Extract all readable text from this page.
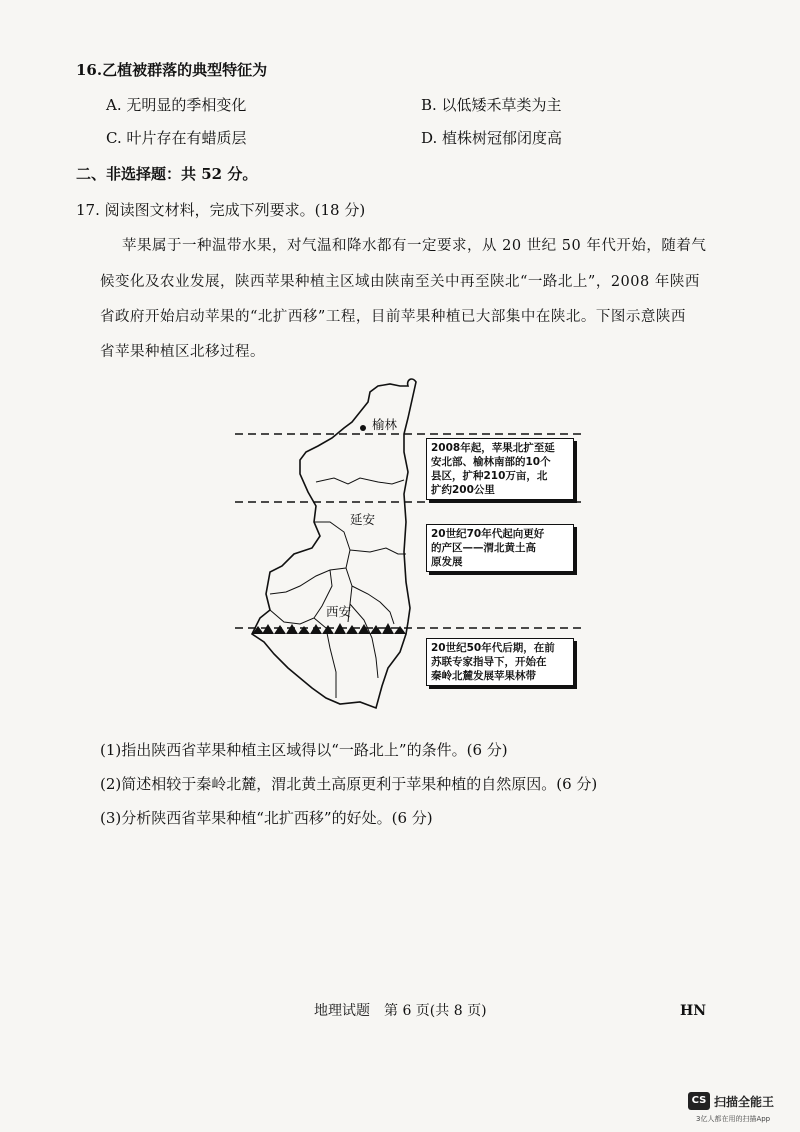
16.乙植被群落的典型特征为
A. 无明显的季相变化	B. 以低矮禾草类为主
C. 叶片存在有蜡质层	D. 植株树冠郁闭度高
二、非选择题：共 52 分。
17. 阅读图文材料，完成下列要求。(18 分)
苹果属于一种温带水果，对气温和降水都有一定要求，从 20 世纪 50 年代开始，随着气
候变化及农业发展，陕西苹果种植主区域由陕南至关中再至陕北“一路北上”，2008 年陕西
省政府开始启动苹果的“北扩西移”工程，目前苹果种植已大部集中在陕北。下图示意陕西
省苹果种植区北移过程。
榆林
延安
西安
2008年起，苹果北扩至延
安北部、榆林南部的10个
县区，扩种210万亩，北
扩约200公里
20世纪70年代起向更好
的产区——渭北黄土高
原发展
20世纪50年代后期，在前
苏联专家指导下，开始在
秦岭北麓发展苹果林带
(1)指出陕西省苹果种植主区域得以“一路北上”的条件。(6 分)
(2)简述相较于秦岭北麓，渭北黄土高原更利于苹果种植的自然原因。(6 分)
(3)分析陕西省苹果种植“北扩西移”的好处。(6 分)
地理试题　第 6 页(共 8 页)	HN
CS 扫描全能王
3亿人都在用的扫描App
